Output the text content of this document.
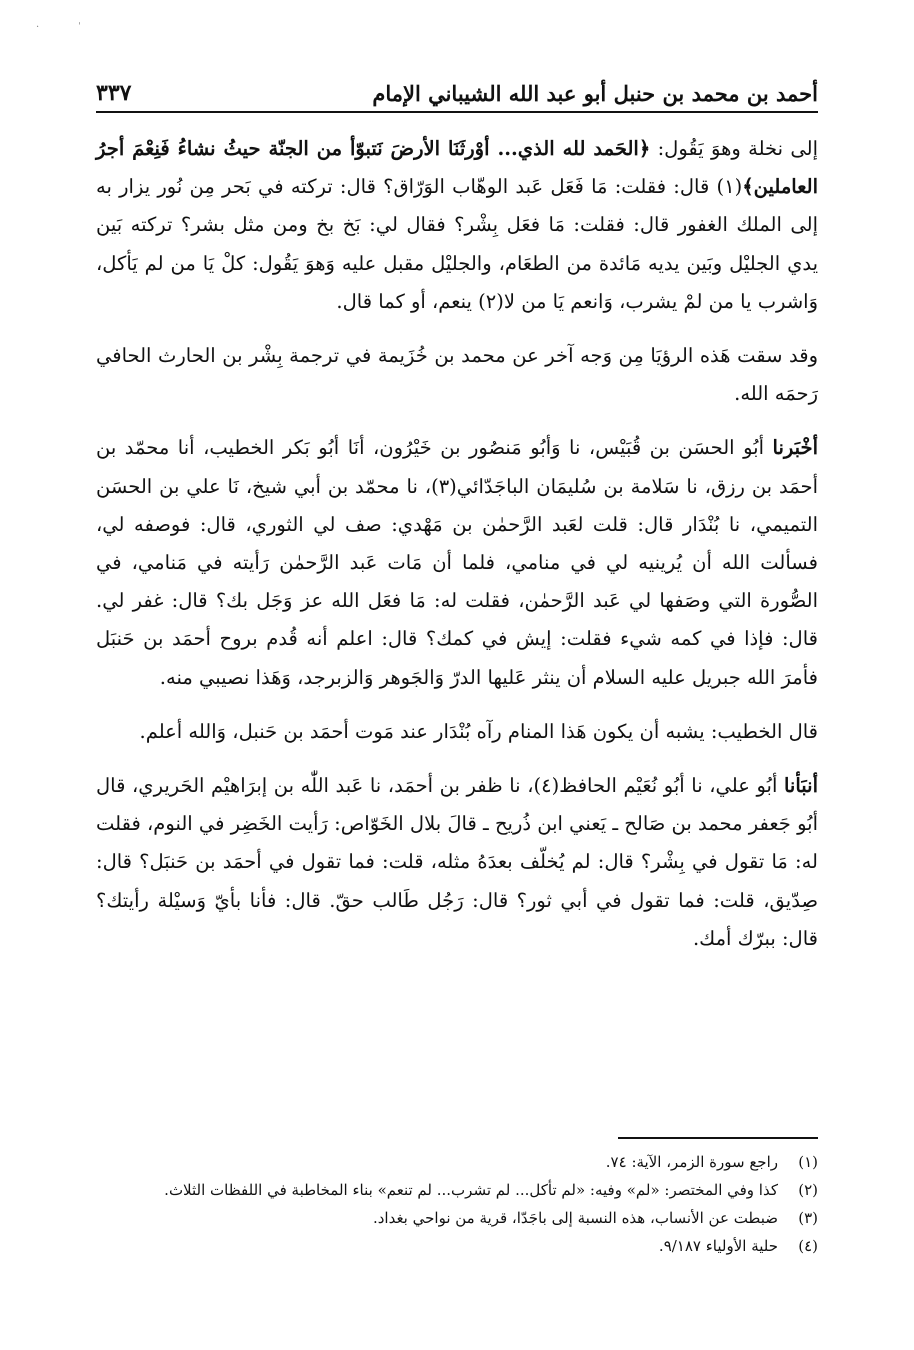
·	ˈ
أحمد بن محمد بن حنبل أبو عبد الله الشيباني الإمام
٣٣٧

إلى نخلة وهوَ يَقُول: ﴿الحَمد لله الذي... أوْرثَنَا الأرضَ نَتبوّأ من الجنّة حيثُ نشاءُ فَنِعْمَ أجرُ العاملين﴾(١) قال: فقلت: مَا فَعَل عَبد الوهّاب الوَرّاق؟ قال: تركته في بَحر مِن نُور يزار به إلى الملك الغفور قال: فقلت: مَا فعَل بِشْر؟ فقال لي: بَخ بخ ومن مثل بشر؟ تركته بَين يدي الجليْل وبَين يديه مَائدة من الطعَام، والجليْل مقبل عليه وَهوَ يَقُول: كلْ يَا من لم يَأكل، وَاشرب يا من لمْ يشرب، وَانعم يَا من لا(٢) ينعم، أو كما قال.

وقد سقت هَذه الرؤيَا مِن وَجه آخر عن محمد بن خُزَيمة في ترجمة بِشْر بن الحارث الحافي رَحمَه الله.

أخْبَرنا أبُو الحسَن بن قُبَيْس، نا وَأبُو مَنصُور بن خَيْرُون، أنَا أبُو بَكر الخطيب، أنا محمّد بن أحمَد بن رزق، نا سَلامة بن سُليمَان الباجَدّائي(٣)، نا محمّد بن أبي شيخ، نَا علي بن الحسَن التميمي، نا بُنْدَار قال: قلت لعَبد الرَّحمٰن بن مَهْدي: صف لي الثوري، قال: فوصفه لي، فسألت الله أن يُرينيه لي في منامي، فلما أن مَات عَبد الرَّحمٰن رَأيته في مَنامي، في الصُّورة التي وصَفها لي عَبد الرَّحمٰن، فقلت له: مَا فعَل الله عز وَجَل بك؟ قال: غفر لي. قال: فإذا في كمه شيء فقلت: إيش في كمك؟ قال: اعلم أنه قُدم بروح أحمَد بن حَنبَل فأمرَ الله جبريل عليه السلام أن ينثر عَليها الدرّ وَالجَوهر وَالزبرجد، وَهَذا نصيبي منه.

قال الخطيب: يشبه أن يكون هَذا المنام رآه بُنْدَار عند مَوت أحمَد بن حَنبل، وَالله أعلم.

أنبَأنا أبُو علي، نا أبُو نُعَيْم الحافظ(٤)، نا ظفر بن أحمَد، نا عَبد اللّٰه بن إبرَاهيْم الحَريري، قال أبُو جَعفر محمد بن صَالح ـ يَعني ابن ذُريح ـ قالَ بلال الخَوّاص: رَأيت الخَضِر في النوم، فقلت له: مَا تقول في بِشْر؟ قال: لم يُخلّف بعدَهُ مثله، قلت: فما تقول في أحمَد بن حَنبَل؟ قال: صِدّيق، قلت: فما تقول في أبي ثور؟ قال: رَجُل طَالب حقّ. قال: فأنا بأيّ وَسيْلة رأيتك؟ قال: ببرّك أمك.

(١)
راجع سورة الزمر، الآية: ٧٤.
(٢)
كذا وفي المختصر: «لم» وفيه: «لم تأكل... لم تشرب... لم تنعم» بناء المخاطبة في اللفظات الثلاث.
(٣)
ضبطت عن الأنساب، هذه النسبة إلى باجَدّا، قرية من نواحي بغداد.
(٤)
حلية الأولياء ٩/١٨٧.
